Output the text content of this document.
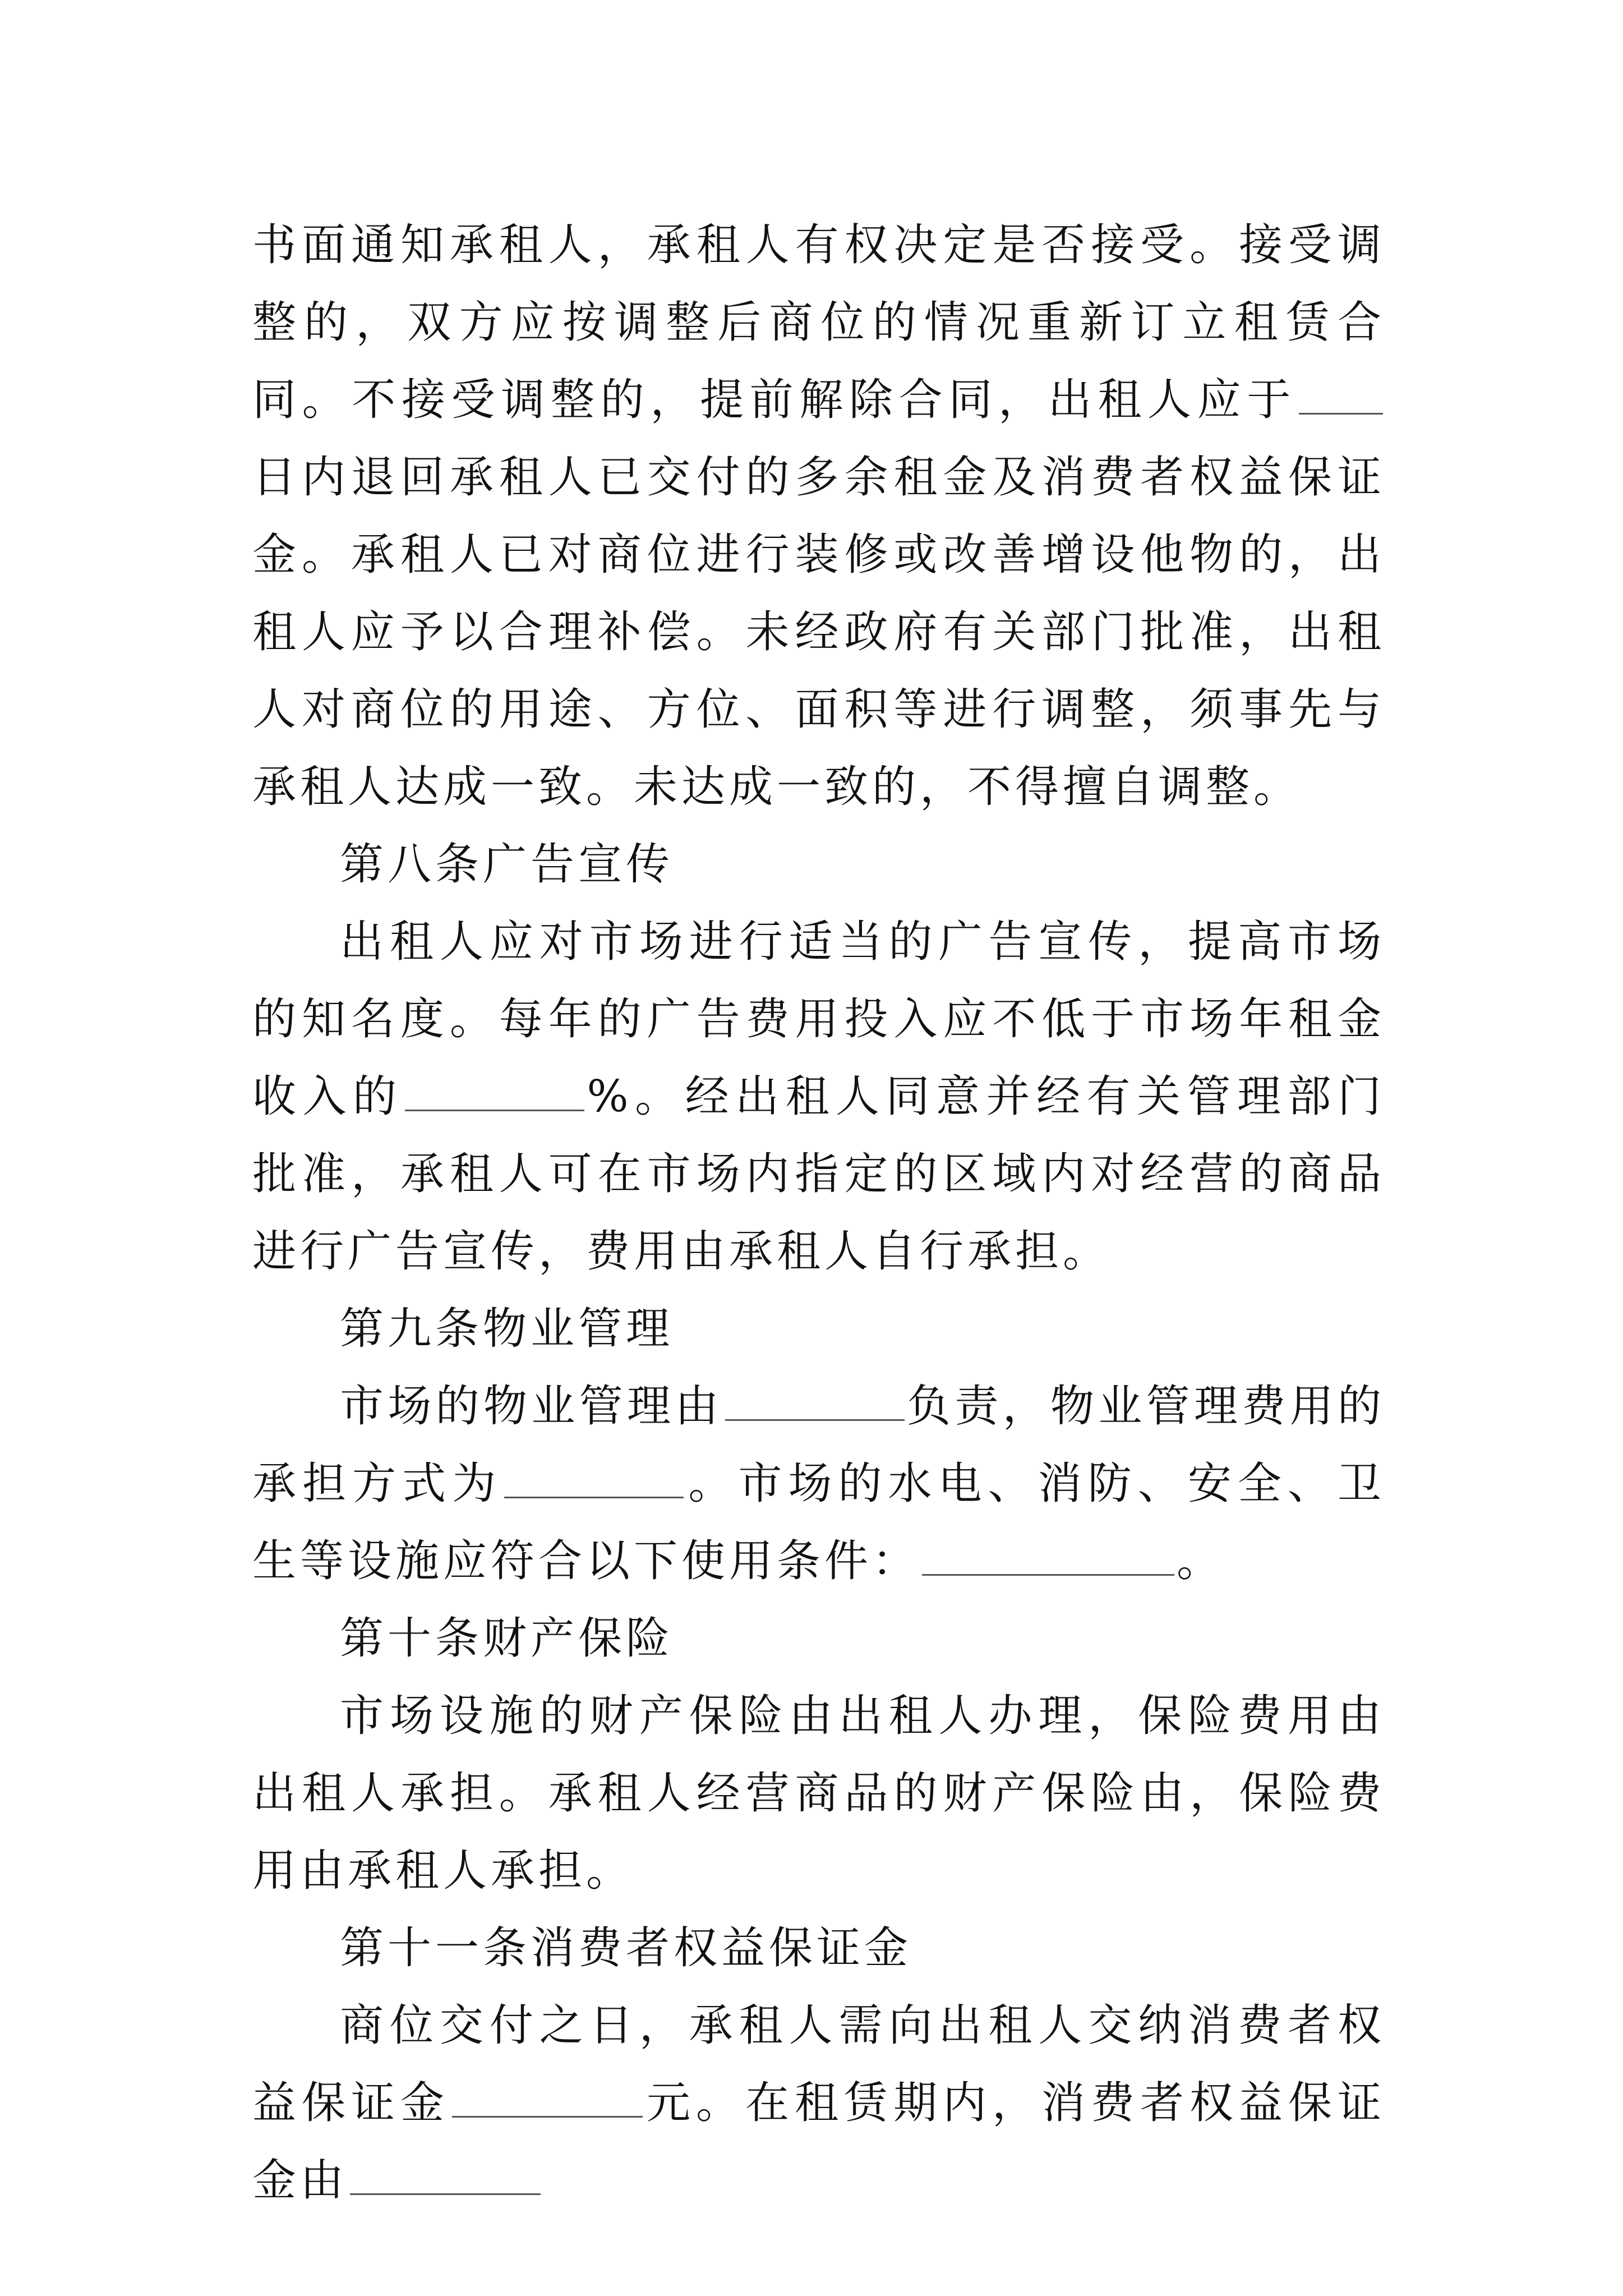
书面通知承租人，承租人有权决定是否接受。接受调整的，双方应按调整后商位的情况重新订立租赁合同。不接受调整的，提前解除合同，出租人应于日内退回承租人已交付的多余租金及消费者权益保证金。承租人已对商位进行装修或改善增设他物的，出租人应予以合理补偿。未经政府有关部门批准，出租人对商位的用途、方位、面积等进行调整，须事先与承租人达成一致。未达成一致的，不得擅自调整。

第八条广告宣传

出租人应对市场进行适当的广告宣传，提高市场的知名度。每年的广告费用投入应不低于市场年租金收入的	%。经出租人同意并经有关管理部门批准，承租人可在市场内指定的区域内对经营的商品进行广告宣传，费用由承租人自行承担。

第九条物业管理

市场的物业管理由	负责，物业管理费用的承担方式为	。市场的水电、消防、安全、卫生等设施应符合以下使用条件：	。

第十条财产保险

市场设施的财产保险由出租人办理，保险费用由出租人承担。承租人经营商品的财产保险由，保险费用由承租人承担。

第十一条消费者权益保证金

商位交付之日，承租人需向出租人交纳消费者权益保证金	元。在租赁期内，消费者权益保证金由
